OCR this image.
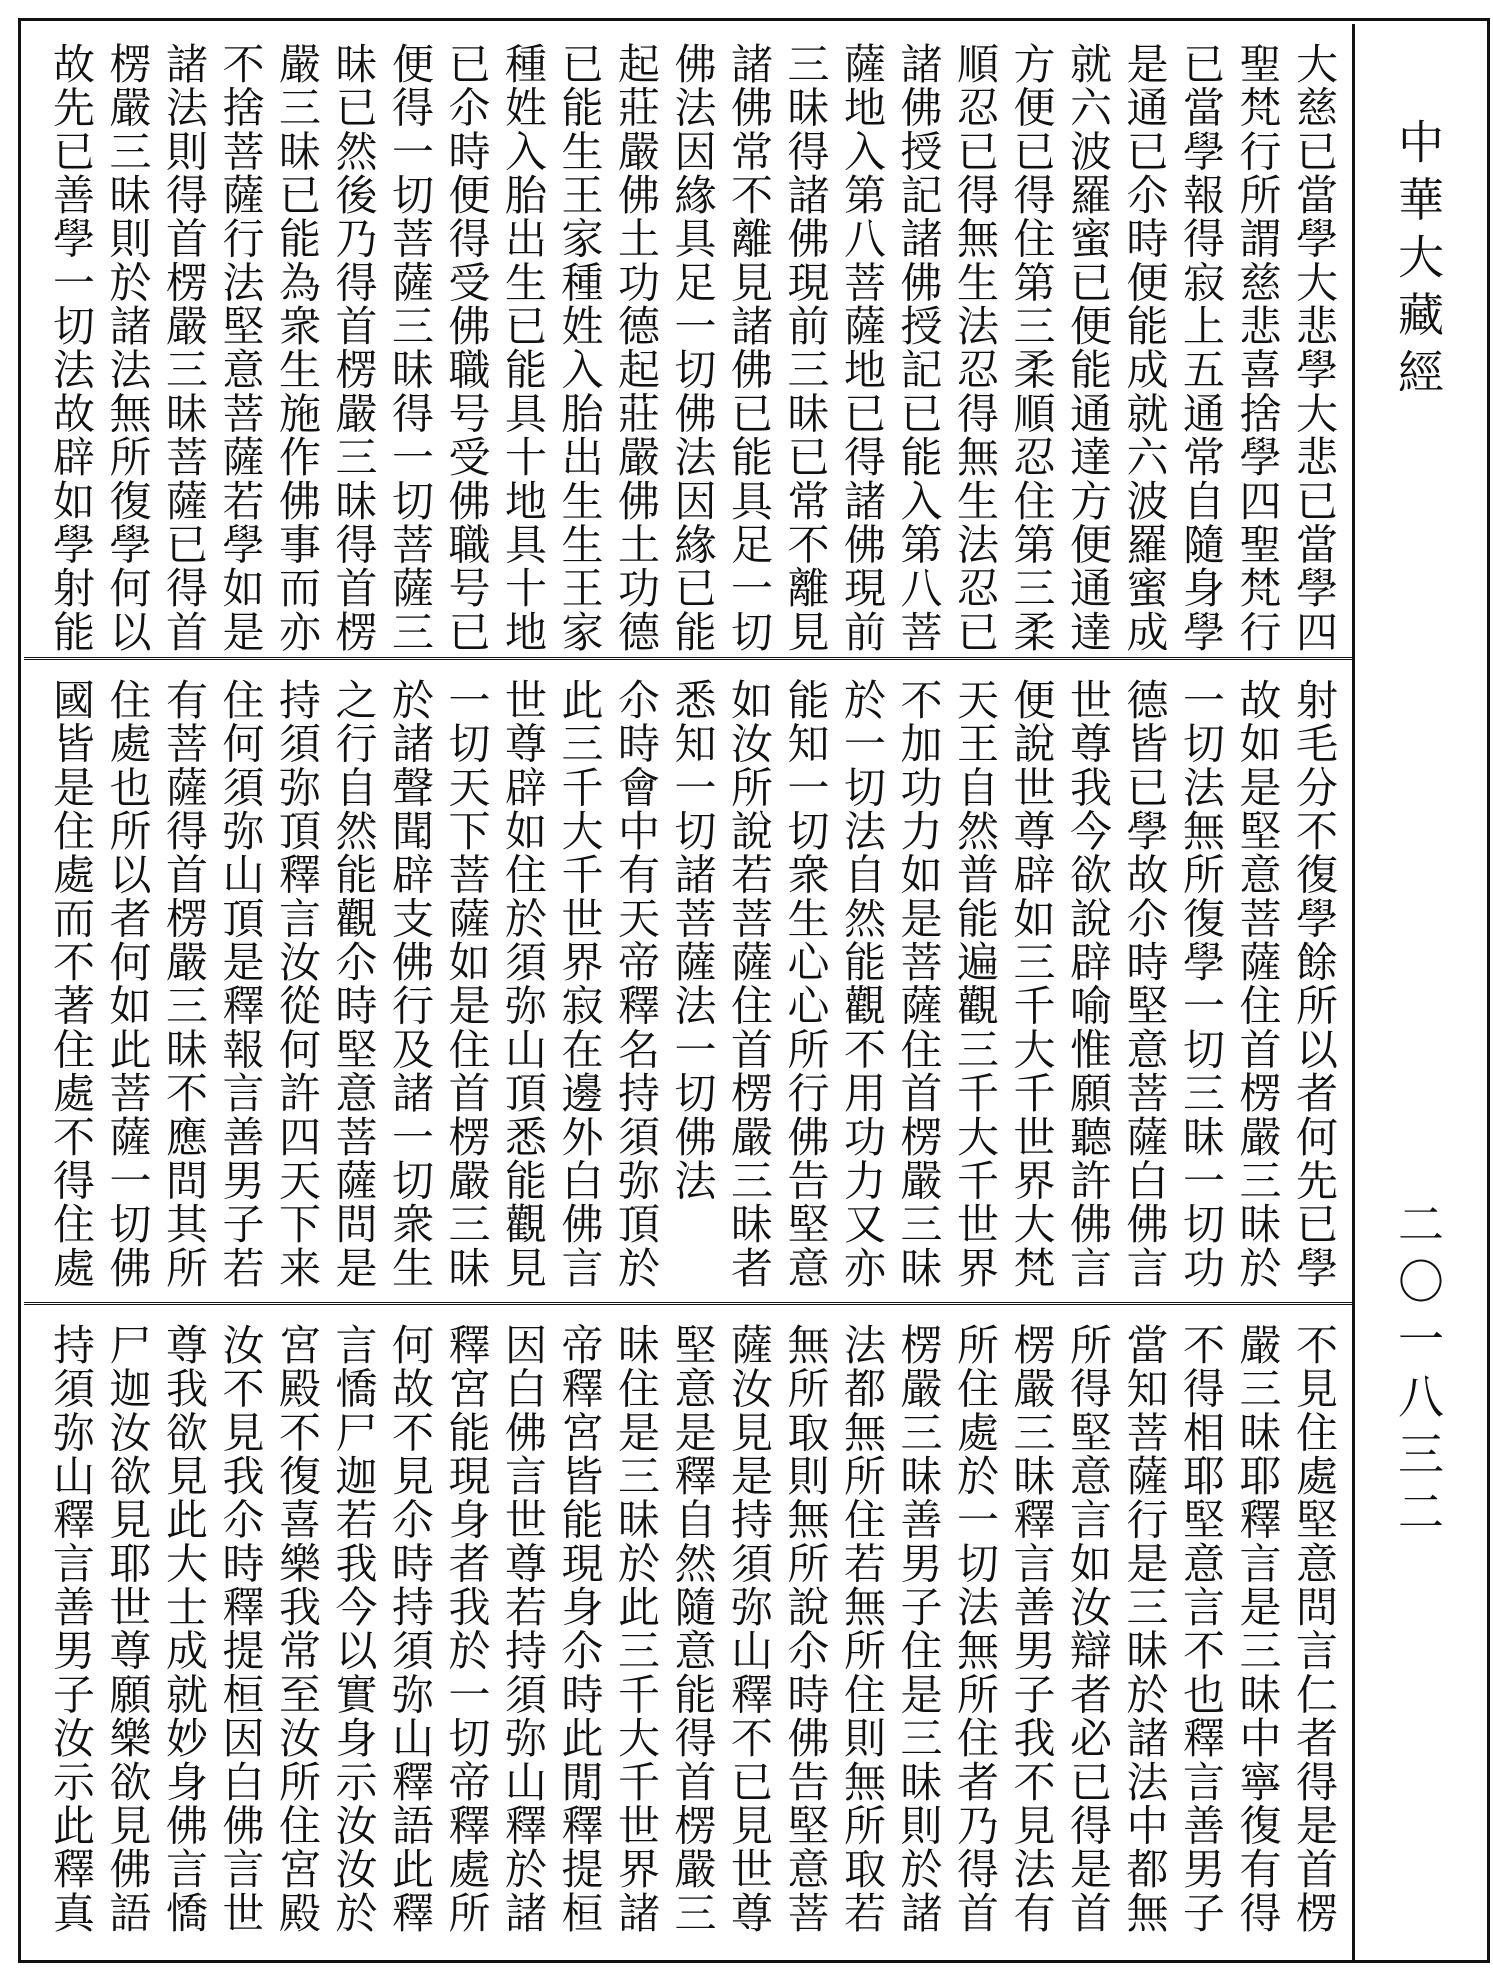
大慈已當學大悲學大悲已當學四
聖梵行所謂慈悲喜捨學四聖梵行
已當學報得寂上五通常自隨身學
是通已尒時便能成就六波羅蜜成
就六波羅蜜已便能通達方便通達
方便已得住第三柔順忍住第三柔
順忍已得無生法忍得無生法忍已
諸佛授記諸佛授記已能入第八菩
薩地入第八菩薩地已得諸佛現前
三昧得諸佛現前三昧已常不離見
諸佛常不離見諸佛已能具足一切
佛法因緣具足一切佛法因緣已能
起莊嚴佛土功德起莊嚴佛土功德
已能生王家種姓入胎出生生王家
種姓入胎出生已能具十地具十地
已尒時便得受佛職号受佛職号已
便得一切菩薩三昧得一切菩薩三
昧已然後乃得首楞嚴三昧得首楞
嚴三昧已能為衆生施作佛事而亦
不捨菩薩行法堅意菩薩若學如是
諸法則得首楞嚴三昧菩薩已得首
楞嚴三昧則於諸法無所復學何以
故先已善學一切法故辟如學射能
射毛分不復學餘所以者何先已學
故如是堅意菩薩住首楞嚴三昧於
一切法無所復學一切三昧一切功
德皆已學故尒時堅意菩薩白佛言
世尊我今欲說辟喻惟願聽許佛言
便說世尊辟如三千大千世界大梵
天王自然普能遍觀三千大千世界
不加功力如是菩薩住首楞嚴三昧
於一切法自然能觀不用功力又亦
能知一切衆生心心所行佛告堅意
如汝所說若菩薩住首楞嚴三昧者
悉知一切諸菩薩法一切佛法
尒時會中有天帝釋名持須弥頂於
此三千大千世界寂在邊外白佛言
世尊辟如住於須弥山頂悉能觀見
一切天下菩薩如是住首楞嚴三昧
於諸聲聞辟支佛行及諸一切衆生
之行自然能觀尒時堅意菩薩問是
持須弥頂釋言汝從何許四天下来
住何須弥山頂是釋報言善男子若
有菩薩得首楞嚴三昧不應問其所
住處也所以者何如此菩薩一切佛
國皆是住處而不著住處不得住處
不見住處堅意問言仁者得是首楞
嚴三昧耶釋言是三昧中寧復有得
不得相耶堅意言不也釋言善男子
當知菩薩行是三昧於諸法中都無
所得堅意言如汝辯者必已得是首
楞嚴三昧釋言善男子我不見法有
所住處於一切法無所住者乃得首
楞嚴三昧善男子住是三昧則於諸
法都無所住若無所住則無所取若
無所取則無所說尒時佛告堅意菩
薩汝見是持須弥山釋不已見世尊
堅意是釋自然隨意能得首楞嚴三
昧住是三昧於此三千大千世界諸
帝釋宮皆能現身尒時此閒釋提桓
因白佛言世尊若持須弥山釋於諸
釋宮能現身者我於一切帝釋處所
何故不見尒時持須弥山釋語此釋
言憍尸迦若我今以實身示汝汝於
宮殿不復喜樂我常至汝所住宮殿
汝不見我尒時釋提桓因白佛言世
尊我欲見此大士成就妙身佛言憍
尸迦汝欲見耶世尊願樂欲見佛語
持須弥山釋言善男子汝示此釋真
中華大藏經
二〇一八三二
